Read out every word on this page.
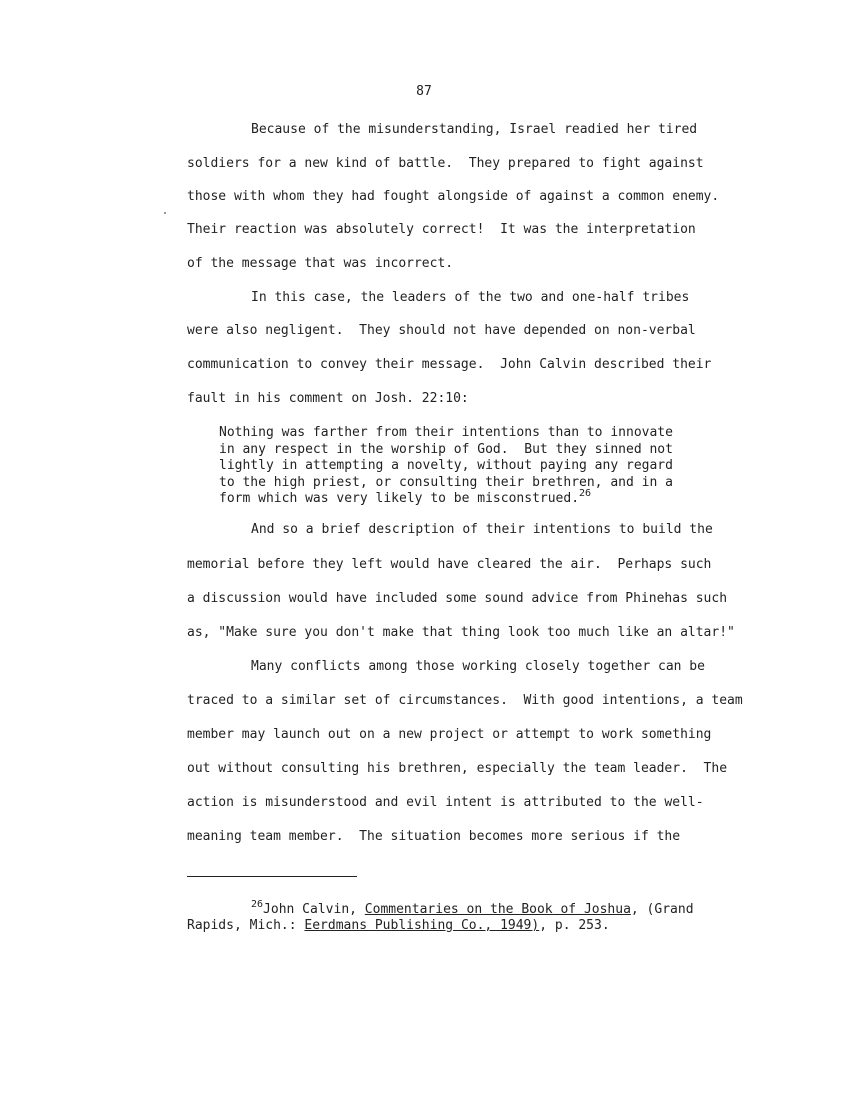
87
Because of the misunderstanding, Israel readied her tired
soldiers for a new kind of battle.  They prepared to fight against
those with whom they had fought alongside of against a common enemy.
Their reaction was absolutely correct!  It was the interpretation
of the message that was incorrect.
In this case, the leaders of the two and one-half tribes
were also negligent.  They should not have depended on non-verbal
communication to convey their message.  John Calvin described their
fault in his comment on Josh. 22:10:
Nothing was farther from their intentions than to innovate
in any respect in the worship of God.  But they sinned not
lightly in attempting a novelty, without paying any regard
to the high priest, or consulting their brethren, and in a
form which was very likely to be misconstrued.$^{26}$
And so a brief description of their intentions to build the
memorial before they left would have cleared the air.  Perhaps such
a discussion would have included some sound advice from Phinehas such
as, "Make sure you don't make that thing look too much like an altar!"
Many conflicts among those working closely together can be
traced to a similar set of circumstances.  With good intentions, a team
member may launch out on a new project or attempt to work something
out without consulting his brethren, especially the team leader.  The
action is misunderstood and evil intent is attributed to the well-
meaning team member.  The situation becomes more serious if the
$^{26}$John Calvin, Commentaries on the Book of Joshua, (Grand
Rapids, Mich.: Eerdmans Publishing Co., 1949), p. 253.
